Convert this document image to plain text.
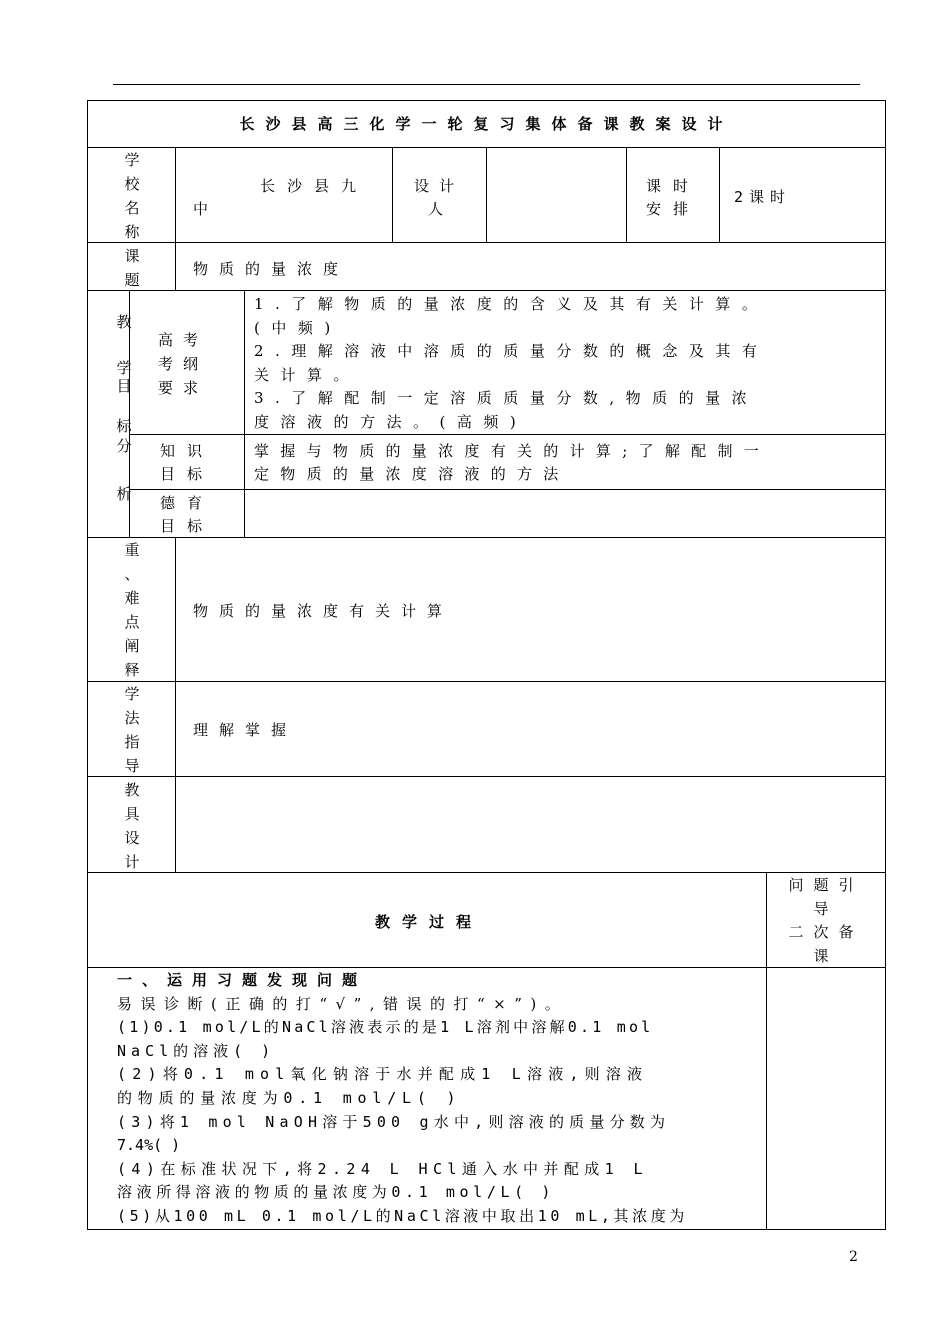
长沙县高三化学一轮复习集体备课教案设计
学
校
名
称
长沙县九
中
设计
人
课时
安排
2课时
课
题
物质的量浓度
教
学
目
标
分
析
高考
考纲
要求
1.了解物质的量浓度的含义及其有关计算。
(中频)
2.理解溶液中溶质的质量分数的概念及其有
关计算。
3.了解配制一定溶质质量分数,物质的量浓
度溶液的方法。(高频)
知识
目标
掌握与物质的量浓度有关的计算;了解配制一
定物质的量浓度溶液的方法
德育
目标
重
、
难
点
阐
释
物质的量浓度有关计算
学
法
指
导
理解掌握
教
具
设
计
教学过程
问题引
导
二次备
课
一、运用习题发现问题
易误诊断(正确的打“√”,错误的打“×”)。
(1)0.1 mol/L的NaCl溶液表示的是1 L溶剂中溶解0.1 mol
NaCl的溶液( )
(2)将0.1 mol氧化钠溶于水并配成1 L溶液,则溶液
的物质的量浓度为0.1 mol/L( )
(3)将1 mol NaOH溶于500 g水中,则溶液的质量分数为
7.4%( )
(4)在标准状况下,将2.24 L HCl通入水中并配成1 L
溶液所得溶液的物质的量浓度为0.1 mol/L( )
(5)从100 mL 0.1 mol/L的NaCl溶液中取出10 mL,其浓度为
2
